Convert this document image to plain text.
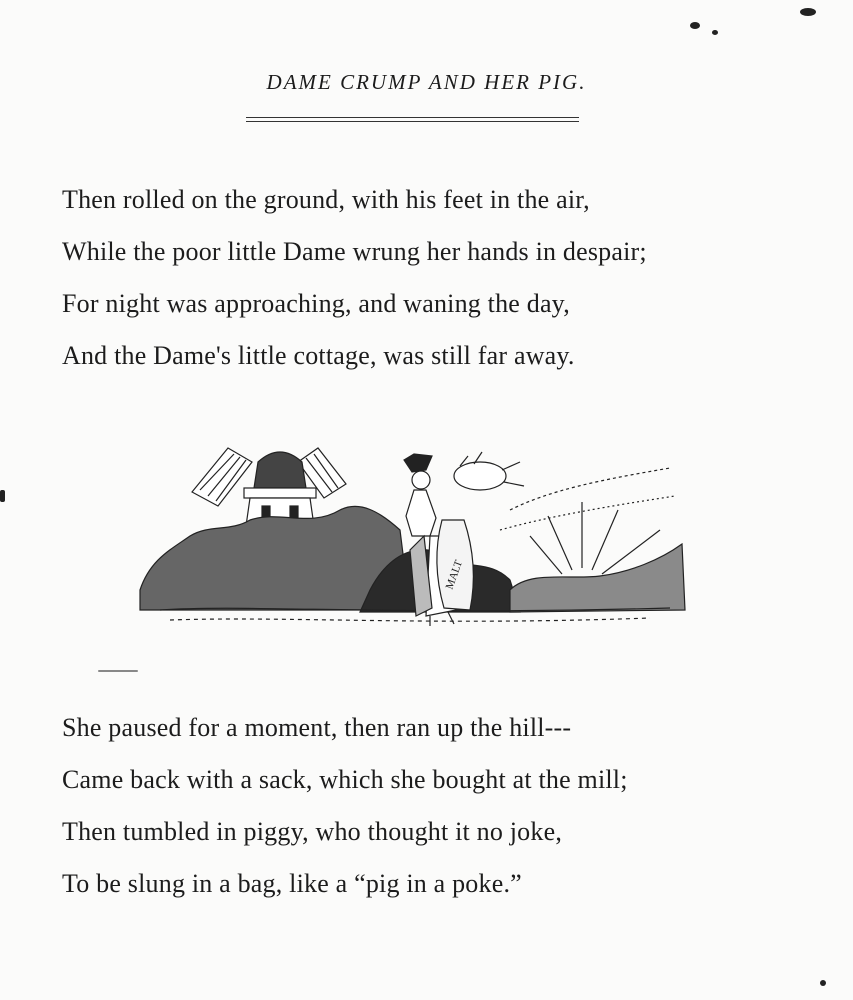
DAME CRUMP AND HER PIG.
Then rolled on the ground, with his feet in the air,
While the poor little Dame wrung her hands in despair;
For night was approaching, and waning the day,
And the Dame's little cottage, was still far away.
MALT
She paused for a moment, then ran up the hill---
Came back with a sack, which she bought at the mill;
Then tumbled in piggy, who thought it no joke,
To be slung in a bag, like a “pig in a poke.”
